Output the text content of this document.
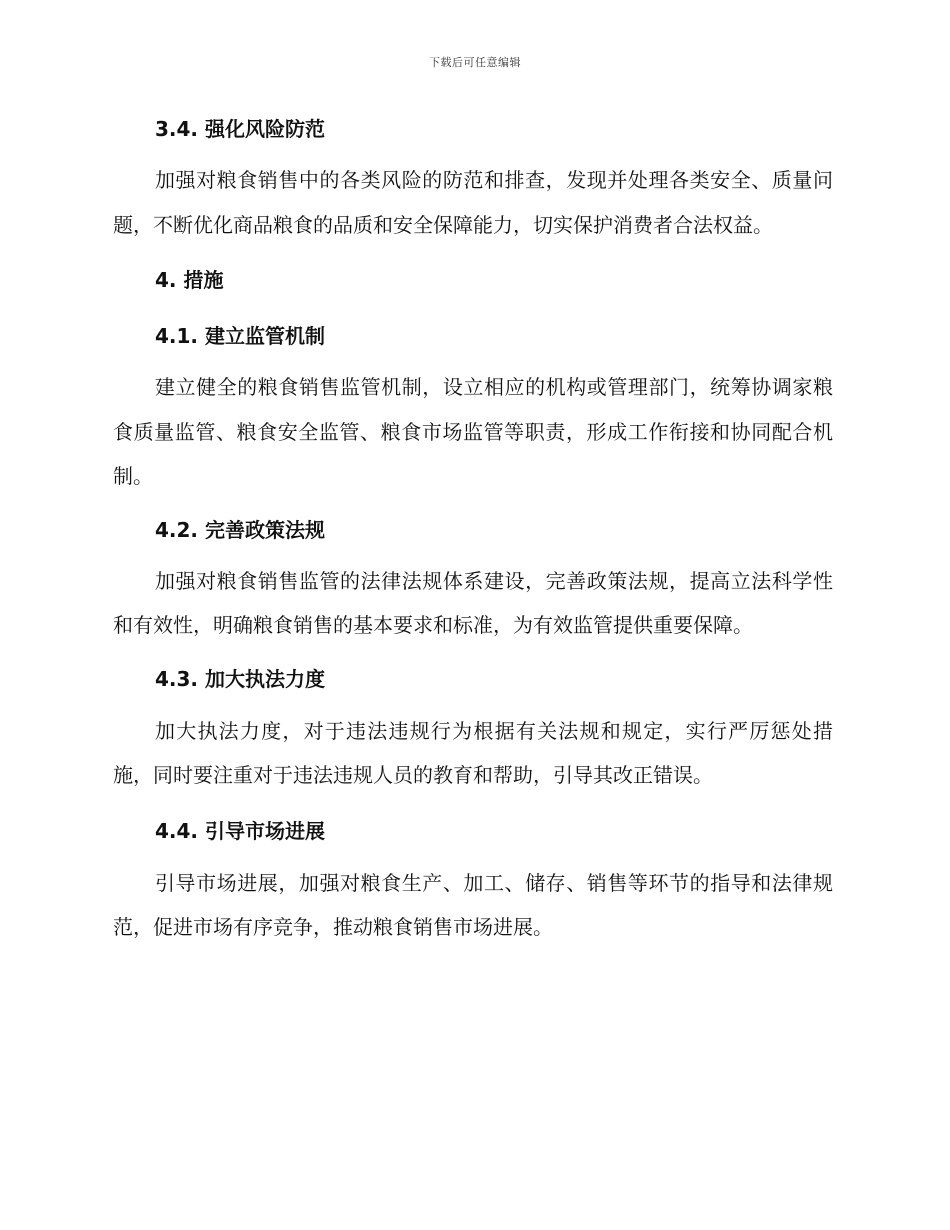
下载后可任意编辑
3.4. 强化风险防范

加强对粮食销售中的各类风险的防范和排查，发现并处理各类安全、质量问题，不断优化商品粮食的品质和安全保障能力，切实保护消费者合法权益。

4. 措施
4.1. 建立监管机制

建立健全的粮食销售监管机制，设立相应的机构或管理部门，统筹协调家粮食质量监管、粮食安全监管、粮食市场监管等职责，形成工作衔接和协同配合机制。

4.2. 完善政策法规

加强对粮食销售监管的法律法规体系建设，完善政策法规，提高立法科学性和有效性，明确粮食销售的基本要求和标准，为有效监管提供重要保障。

4.3. 加大执法力度

加大执法力度，对于违法违规行为根据有关法规和规定，实行严厉惩处措施，同时要注重对于违法违规人员的教育和帮助，引导其改正错误。

4.4. 引导市场进展

引导市场进展，加强对粮食生产、加工、储存、销售等环节的指导和法律规范，促进市场有序竞争，推动粮食销售市场进展。
